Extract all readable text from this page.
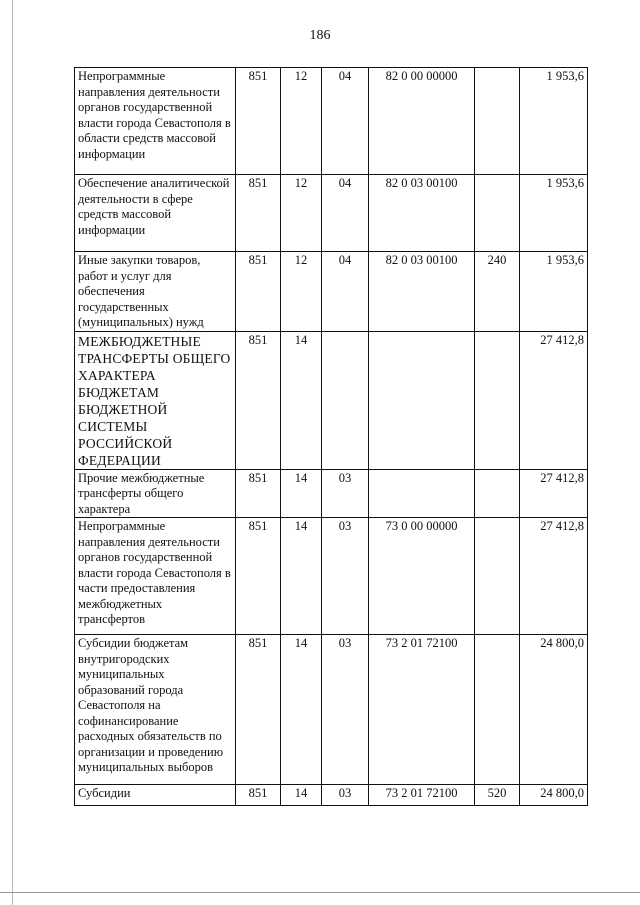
186
Непрограммные направления деятельности органов государственной власти города Севастополя в области средств массовой информации	851	12	04	82 0 00 00000		1 953,6
Обеспечение аналитической деятельности в сфере средств массовой информации	851	12	04	82 0 03 00100		1 953,6
Иные закупки товаров, работ и услуг для обеспечения государственных (муниципальных) нужд	851	12	04	82 0 03 00100	240	1 953,6
МЕЖБЮДЖЕТНЫЕ ТРАНСФЕРТЫ ОБЩЕГО ХАРАКТЕРА БЮДЖЕТАМ БЮДЖЕТНОЙ СИСТЕМЫ РОССИЙСКОЙ ФЕДЕРАЦИИ	851	14				27 412,8
Прочие межбюджетные трансферты общего характера	851	14	03			27 412,8
Непрограммные направления деятельности органов государственной власти города Севастополя в части предоставления межбюджетных трансфертов	851	14	03	73 0 00 00000		27 412,8
Субсидии бюджетам внутригородских муниципальных образований города Севастополя на софинансирование расходных обязательств по организации и проведению муниципальных выборов	851	14	03	73 2 01 72100		24 800,0
Субсидии	851	14	03	73 2 01 72100	520	24 800,0
